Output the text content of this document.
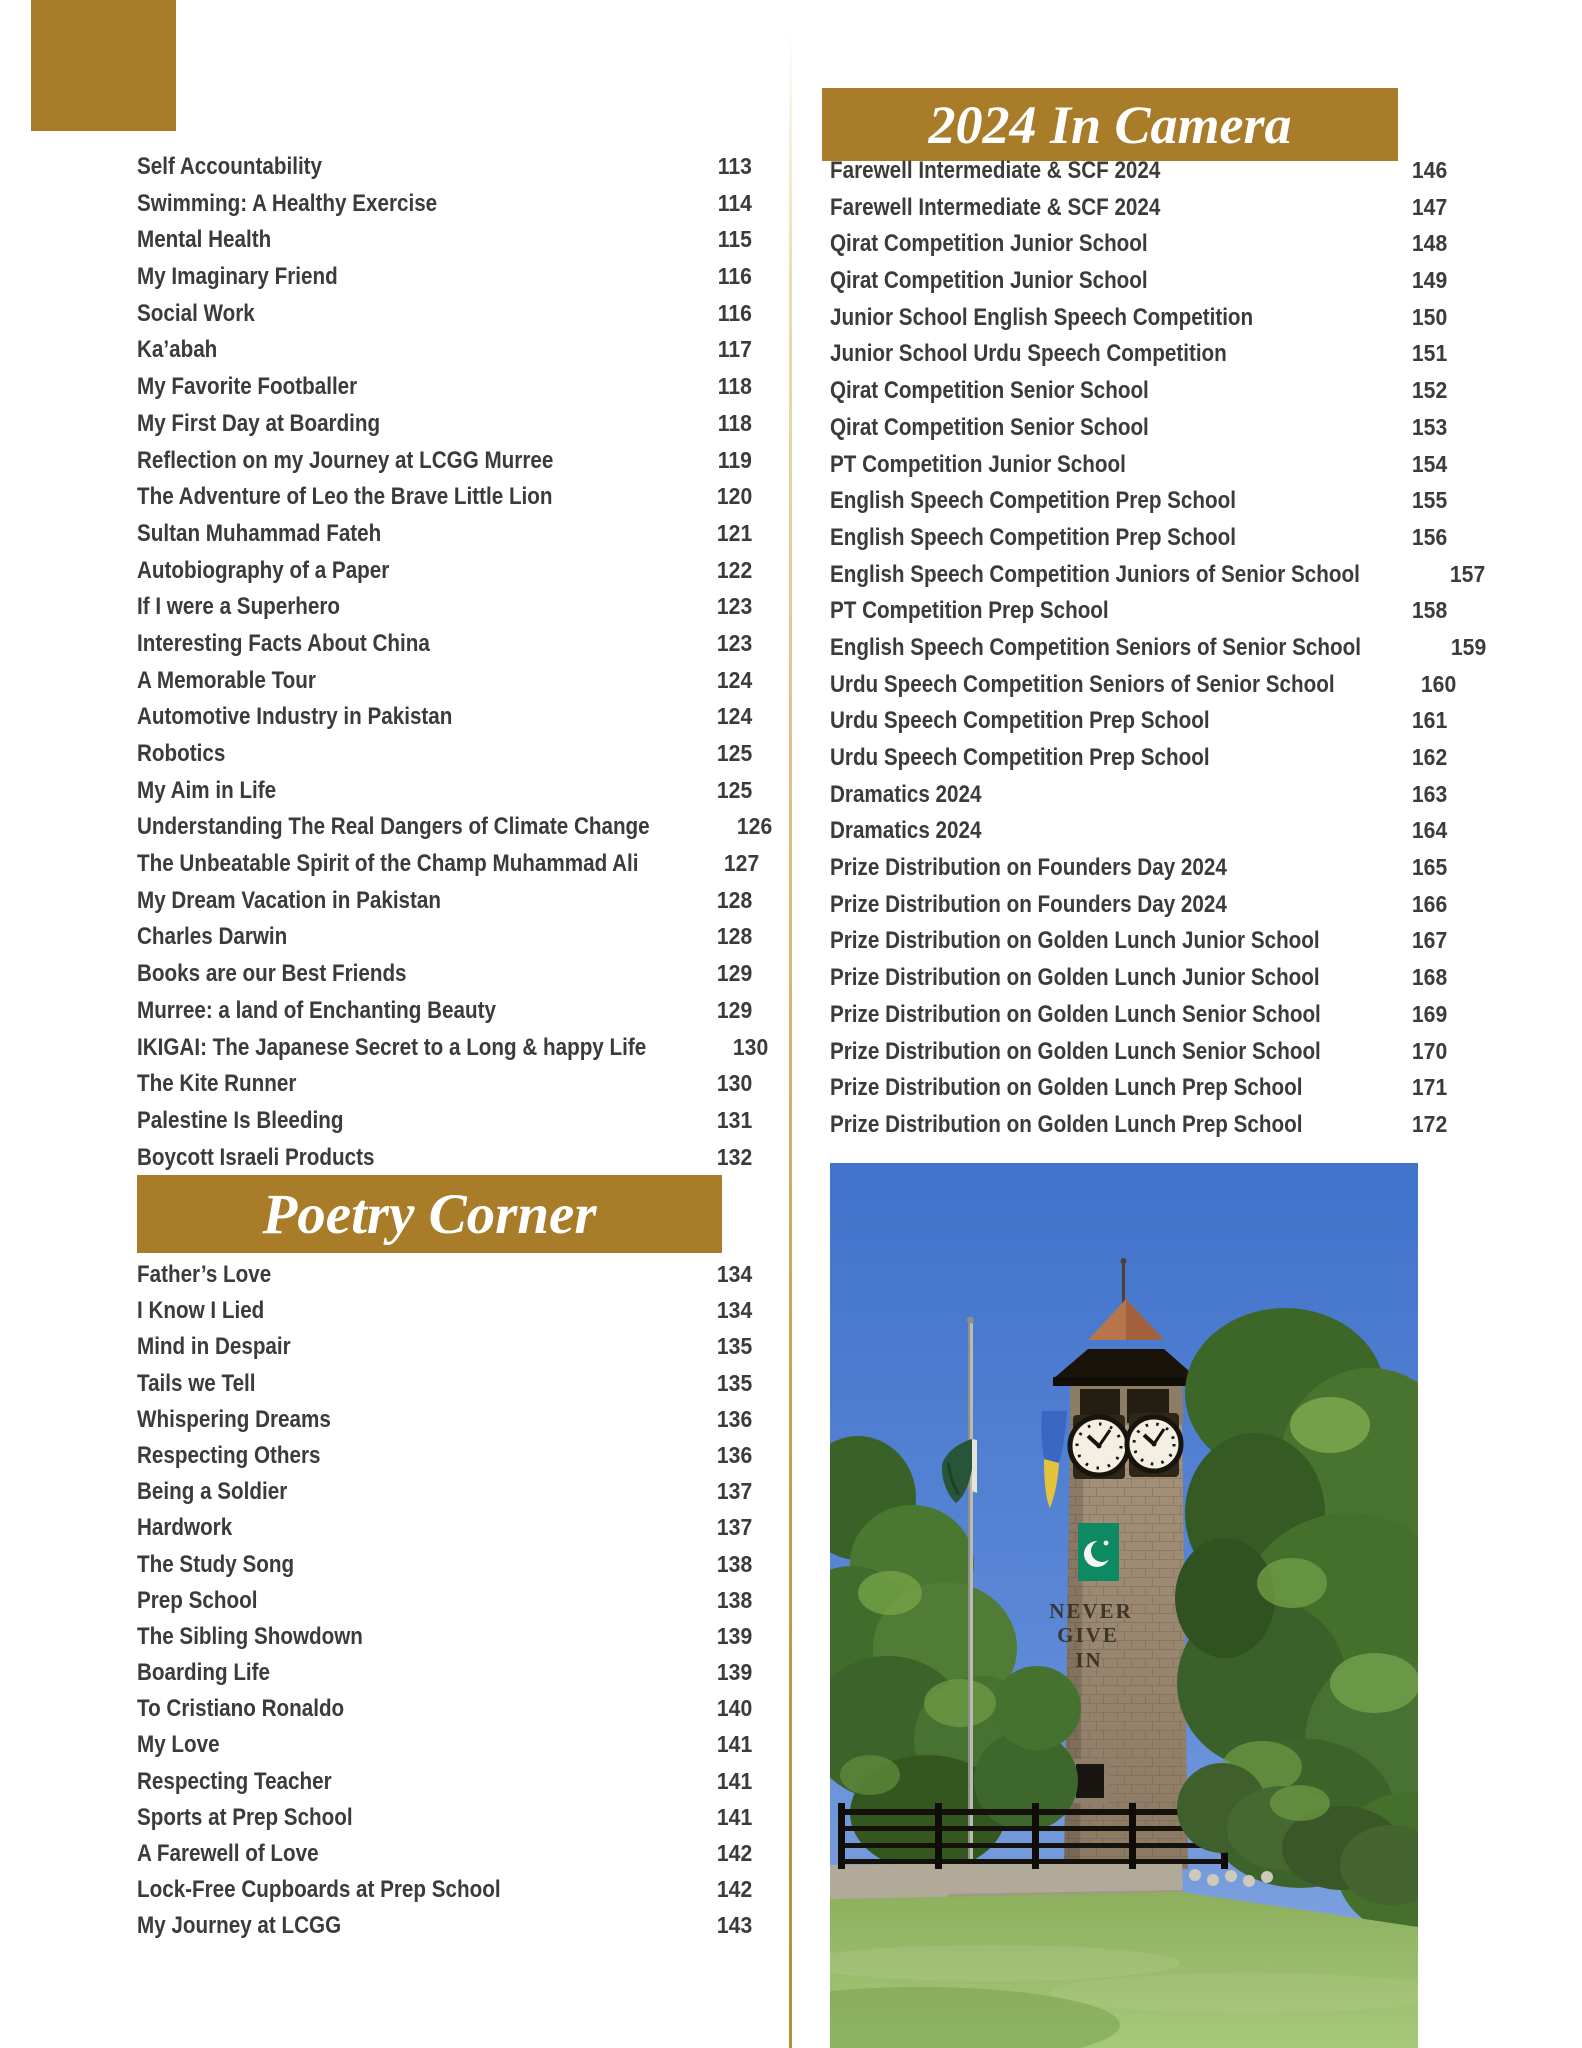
Self Accountability	113
Swimming: A Healthy Exercise	114
Mental Health	115
My Imaginary Friend	116
Social Work	116
Ka’abah	117
My Favorite Footballer	118
My First Day at Boarding	118
Reflection on my Journey at LCGG Murree	119
The Adventure of Leo the Brave Little Lion	120
Sultan Muhammad Fateh	121
Autobiography of a Paper	122
If I were a Superhero	123
Interesting Facts About China	123
A Memorable Tour	124
Automotive Industry in Pakistan	124
Robotics	125
My Aim in Life	125
Understanding The Real Dangers of Climate Change	126
The Unbeatable Spirit of the Champ Muhammad Ali	127
My Dream Vacation in Pakistan	128
Charles Darwin	128
Books are our Best Friends	129
Murree: a land of Enchanting Beauty	129
IKIGAI: The Japanese Secret to a Long & happy Life	130
The Kite Runner	130
Palestine Is Bleeding	131
Boycott Israeli Products	132
Poetry Corner
Father’s Love	134
I Know I Lied	134
Mind in Despair	135
Tails we Tell	135
Whispering Dreams	136
Respecting Others	136
Being a Soldier	137
Hardwork	137
The Study Song	138
Prep School	138
The Sibling Showdown	139
Boarding Life	139
To Cristiano Ronaldo	140
My Love	141
Respecting Teacher	141
Sports at Prep School	141
A Farewell of Love	142
Lock-Free Cupboards at Prep School	142
My Journey at LCGG	143
2024 In Camera
Farewell Intermediate & SCF 2024	146
Farewell Intermediate & SCF 2024	147
Qirat Competition Junior School	148
Qirat Competition Junior School	149
Junior School English Speech Competition	150
Junior School Urdu Speech Competition	151
Qirat Competition Senior School	152
Qirat Competition Senior School	153
PT Competition Junior School	154
English Speech Competition Prep School	155
English Speech Competition Prep School	156
English Speech Competition Juniors of Senior School	157
PT Competition Prep School	158
English Speech Competition Seniors of Senior School	159
Urdu Speech Competition Seniors of Senior School	160
Urdu Speech Competition Prep School	161
Urdu Speech Competition Prep School	162
Dramatics 2024	163
Dramatics 2024	164
Prize Distribution on Founders Day 2024	165
Prize Distribution on Founders Day 2024	166
Prize Distribution on Golden Lunch Junior School	167
Prize Distribution on Golden Lunch Junior School	168
Prize Distribution on Golden Lunch Senior School	169
Prize Distribution on Golden Lunch Senior School	170
Prize Distribution on Golden Lunch Prep School	171
Prize Distribution on Golden Lunch Prep School	172
NEVER
GIVE
IN
